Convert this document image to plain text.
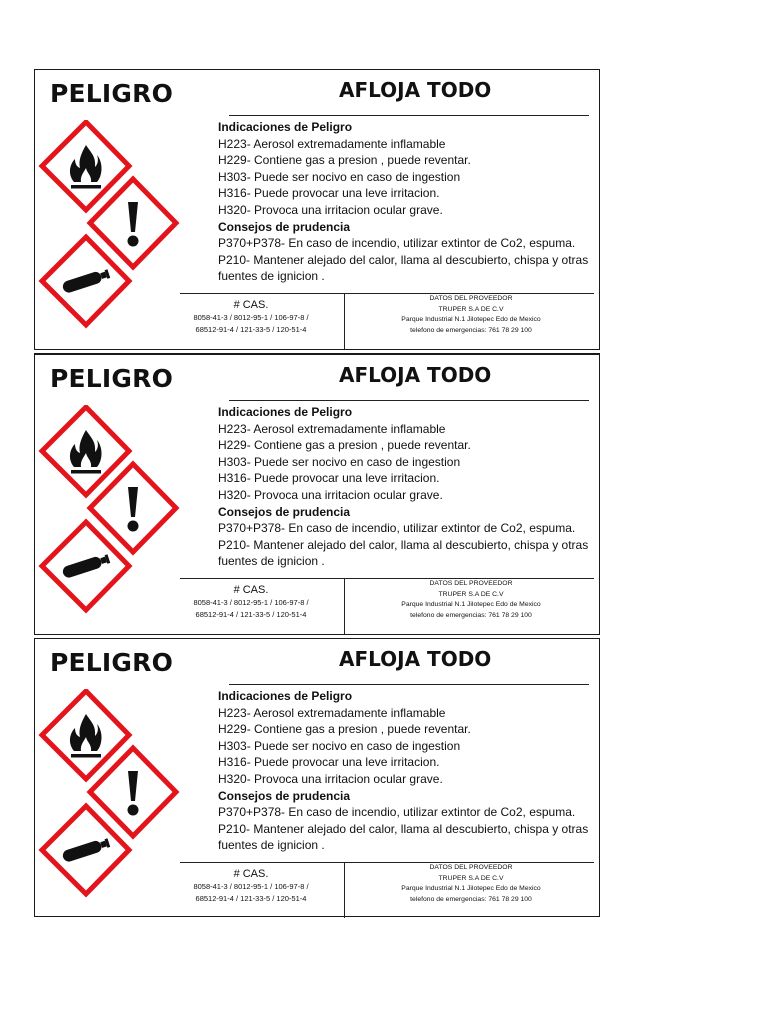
PELIGRO	AFLOJA TODO
Indicaciones de Peligro
H223- Aerosol extremadamente inflamable
H229- Contiene gas a presion , puede reventar.
H303- Puede ser nocivo en caso de ingestion
H316- Puede provocar una leve irritacion.
H320- Provoca una irritacion ocular grave.
Consejos de prudencia
P370+P378- En caso de incendio, utilizar extintor de Co2, espuma.
P210- Mantener alejado del calor, llama al descubierto, chispa y otras
fuentes de ignicion .
# CAS.
8058-41-3 / 8012-95-1 / 106-97-8 /
68512-91-4 / 121-33-5 / 120-51-4
DATOS DEL PROVEEDOR
TRUPER S.A DE C.V
Parque Industrial N.1 Jilotepec Edo de Mexico
telefono de emergencias: 761 78 29 100
PELIGRO	AFLOJA TODO
Indicaciones de Peligro
H223- Aerosol extremadamente inflamable
H229- Contiene gas a presion , puede reventar.
H303- Puede ser nocivo en caso de ingestion
H316- Puede provocar una leve irritacion.
H320- Provoca una irritacion ocular grave.
Consejos de prudencia
P370+P378- En caso de incendio, utilizar extintor de Co2, espuma.
P210- Mantener alejado del calor, llama al descubierto, chispa y otras
fuentes de ignicion .
# CAS.
8058-41-3 / 8012-95-1 / 106-97-8 /
68512-91-4 / 121-33-5 / 120-51-4
DATOS DEL PROVEEDOR
TRUPER S.A DE C.V
Parque Industrial N.1 Jilotepec Edo de Mexico
telefono de emergencias: 761 78 29 100
PELIGRO	AFLOJA TODO
Indicaciones de Peligro
H223- Aerosol extremadamente inflamable
H229- Contiene gas a presion , puede reventar.
H303- Puede ser nocivo en caso de ingestion
H316- Puede provocar una leve irritacion.
H320- Provoca una irritacion ocular grave.
Consejos de prudencia
P370+P378- En caso de incendio, utilizar extintor de Co2, espuma.
P210- Mantener alejado del calor, llama al descubierto, chispa y otras
fuentes de ignicion .
# CAS.
8058-41-3 / 8012-95-1 / 106-97-8 /
68512-91-4 / 121-33-5 / 120-51-4
DATOS DEL PROVEEDOR
TRUPER S.A DE C.V
Parque Industrial N.1 Jilotepec Edo de Mexico
telefono de emergencias: 761 78 29 100
